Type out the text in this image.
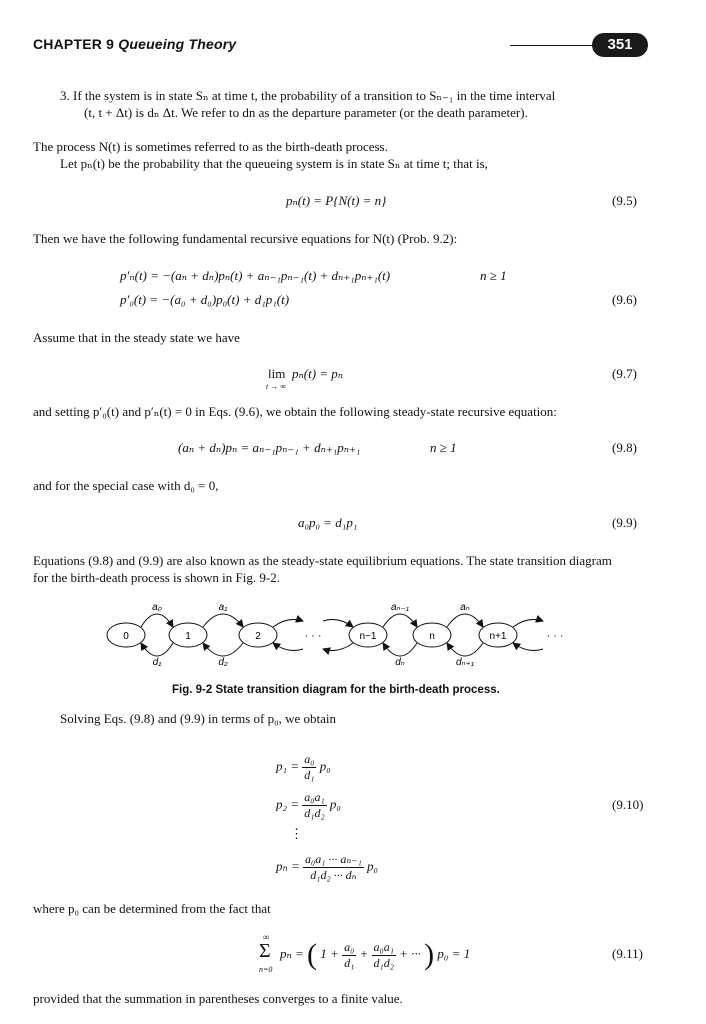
CHAPTER 9 Queueing Theory	351
3. If the system is in state Sₙ at time t, the probability of a transition to Sₙ₋₁ in the time interval
(t, t + Δt) is dₙ Δt. We refer to dn as the departure parameter (or the death parameter).
The process N(t) is sometimes referred to as the birth-death process.
Let pₙ(t) be the probability that the queueing system is in state Sₙ at time t; that is,
pₙ(t) = P{N(t) = n}	(9.5)
Then we have the following fundamental recursive equations for N(t) (Prob. 9.2):
p′ₙ(t) = −(aₙ + dₙ)pₙ(t) + aₙ₋₁pₙ₋₁(t) + dₙ₊₁pₙ₊₁(t)	n ≥ 1
p′₀(t) = −(a₀ + d₀)p₀(t) + d₁p₁(t)	(9.6)
Assume that in the steady state we have
lim
t → ∞
pₙ(t) = pₙ	(9.7)
and setting p′₀(t) and p′ₙ(t) = 0 in Eqs. (9.6), we obtain the following steady-state recursive equation:
(aₙ + dₙ)pₙ = aₙ₋₁pₙ₋₁ + dₙ₊₁pₙ₊₁	n ≥ 1	(9.8)
and for the special case with d₀ = 0,
a₀p₀ = d₁p₁	(9.9)
Equations (9.8) and (9.9) are also known as the steady-state equilibrium equations. The state transition diagram
for the birth-death process is shown in Fig. 9-2.
0	1	2	n−1	n	n+1
a₀
d₁
a₁
d₂
aₙ₋₁
dₙ
aₙ
dₙ₊₁
· · ·	· · ·
Fig. 9-2 State transition diagram for the birth-death process.
Solving Eqs. (9.8) and (9.9) in terms of p₀, we obtain
$p_1 = \frac{\text{a₀}}{\text{d₁}} p_0$
$p_2 = \frac{\text{a₀a₁}}{\text{d₁d₂}} p_0$	(9.10)
⋮
$p_n = \frac{\text{a₀a₁ ··· aₙ₋₁}}{\text{d₁d₂ ··· dₙ}} p_0$
where p₀ can be determined from the fact that
∞
Σ
n=0
pₙ = ( $1 + \frac{\text{a₀}}{\text{d₁}} + \frac{\text{a₀a₁}}{\text{d₁d₂}}$ + ··· ) p₀ = 1	(9.11)
provided that the summation in parentheses converges to a finite value.
